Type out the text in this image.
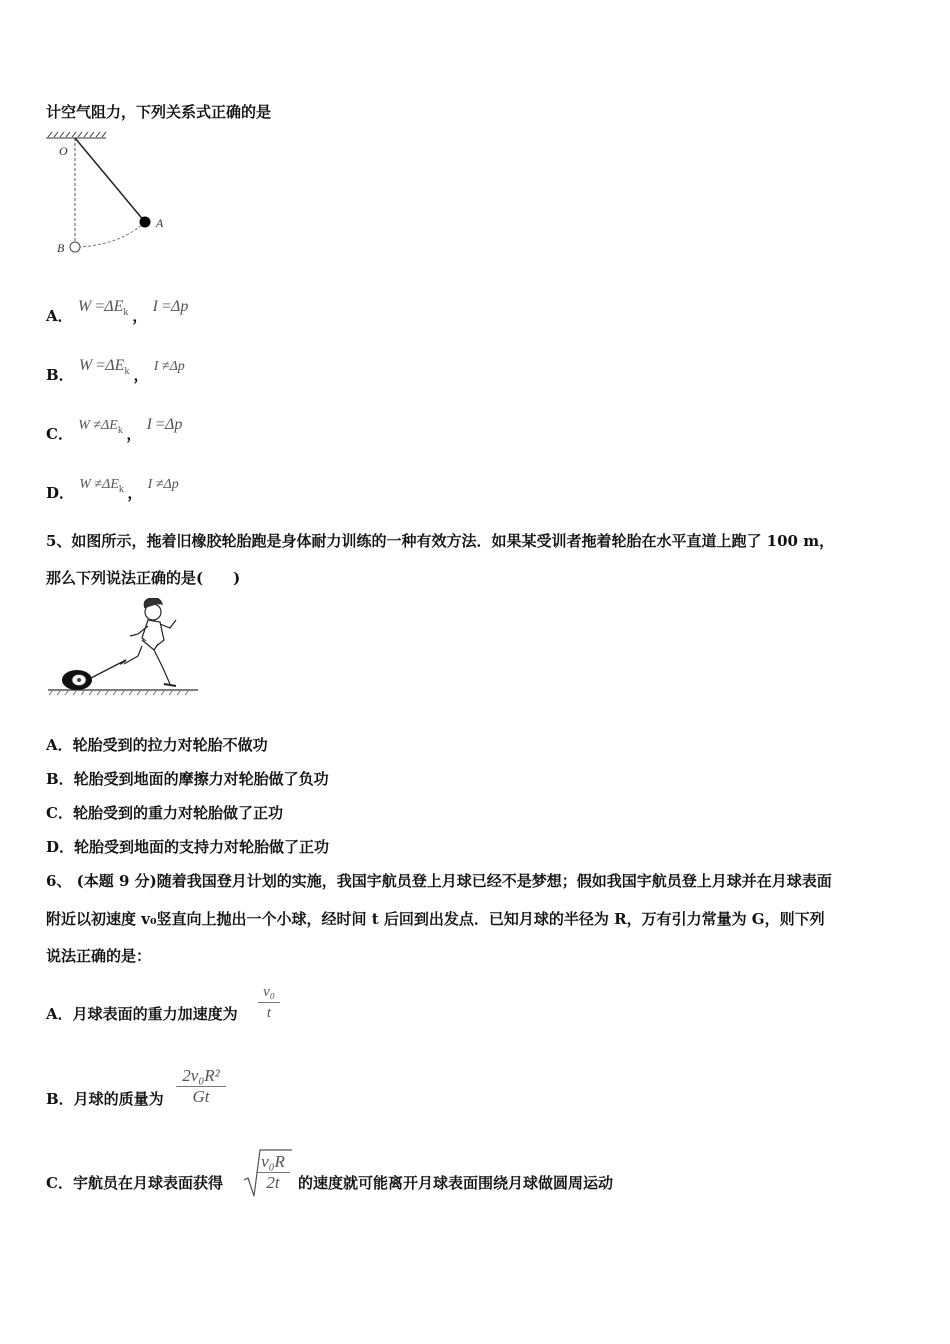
计空气阻力，下列关系式正确的是
O
A
B
A． $W =\Delta E_k$ ， I =Δp
B． $W =\Delta E_k$ ， I ≠Δp
C． $W \ne\Delta E_k$ ， I =Δp
D． $W \ne\Delta E_k$ ， I ≠Δp
5、如图所示，拖着旧橡胶轮胎跑是身体耐力训练的一种有效方法．如果某受训者拖着轮胎在水平直道上跑了 100 m，
那么下列说法正确的是(　　)
A．轮胎受到的拉力对轮胎不做功
B．轮胎受到地面的摩擦力对轮胎做了负功
C．轮胎受到的重力对轮胎做了正功
D．轮胎受到地面的支持力对轮胎做了正功
6、 (本题 9 分)随着我国登月计划的实施，我国宇航员登上月球已经不是梦想；假如我国宇航员登上月球并在月球表面
附近以初速度 v₀竖直向上抛出一个小球，经时间 t 后回到出发点．已知月球的半径为 R，万有引力常量为 G，则下列
说法正确的是：
A．月球表面的重力加速度为
v₀
t
B．月球的质量为
2v₀R²
Gt
C．宇航员在月球表面获得
v₀R
2t	的速度就可能离开月球表面围绕月球做圆周运动
